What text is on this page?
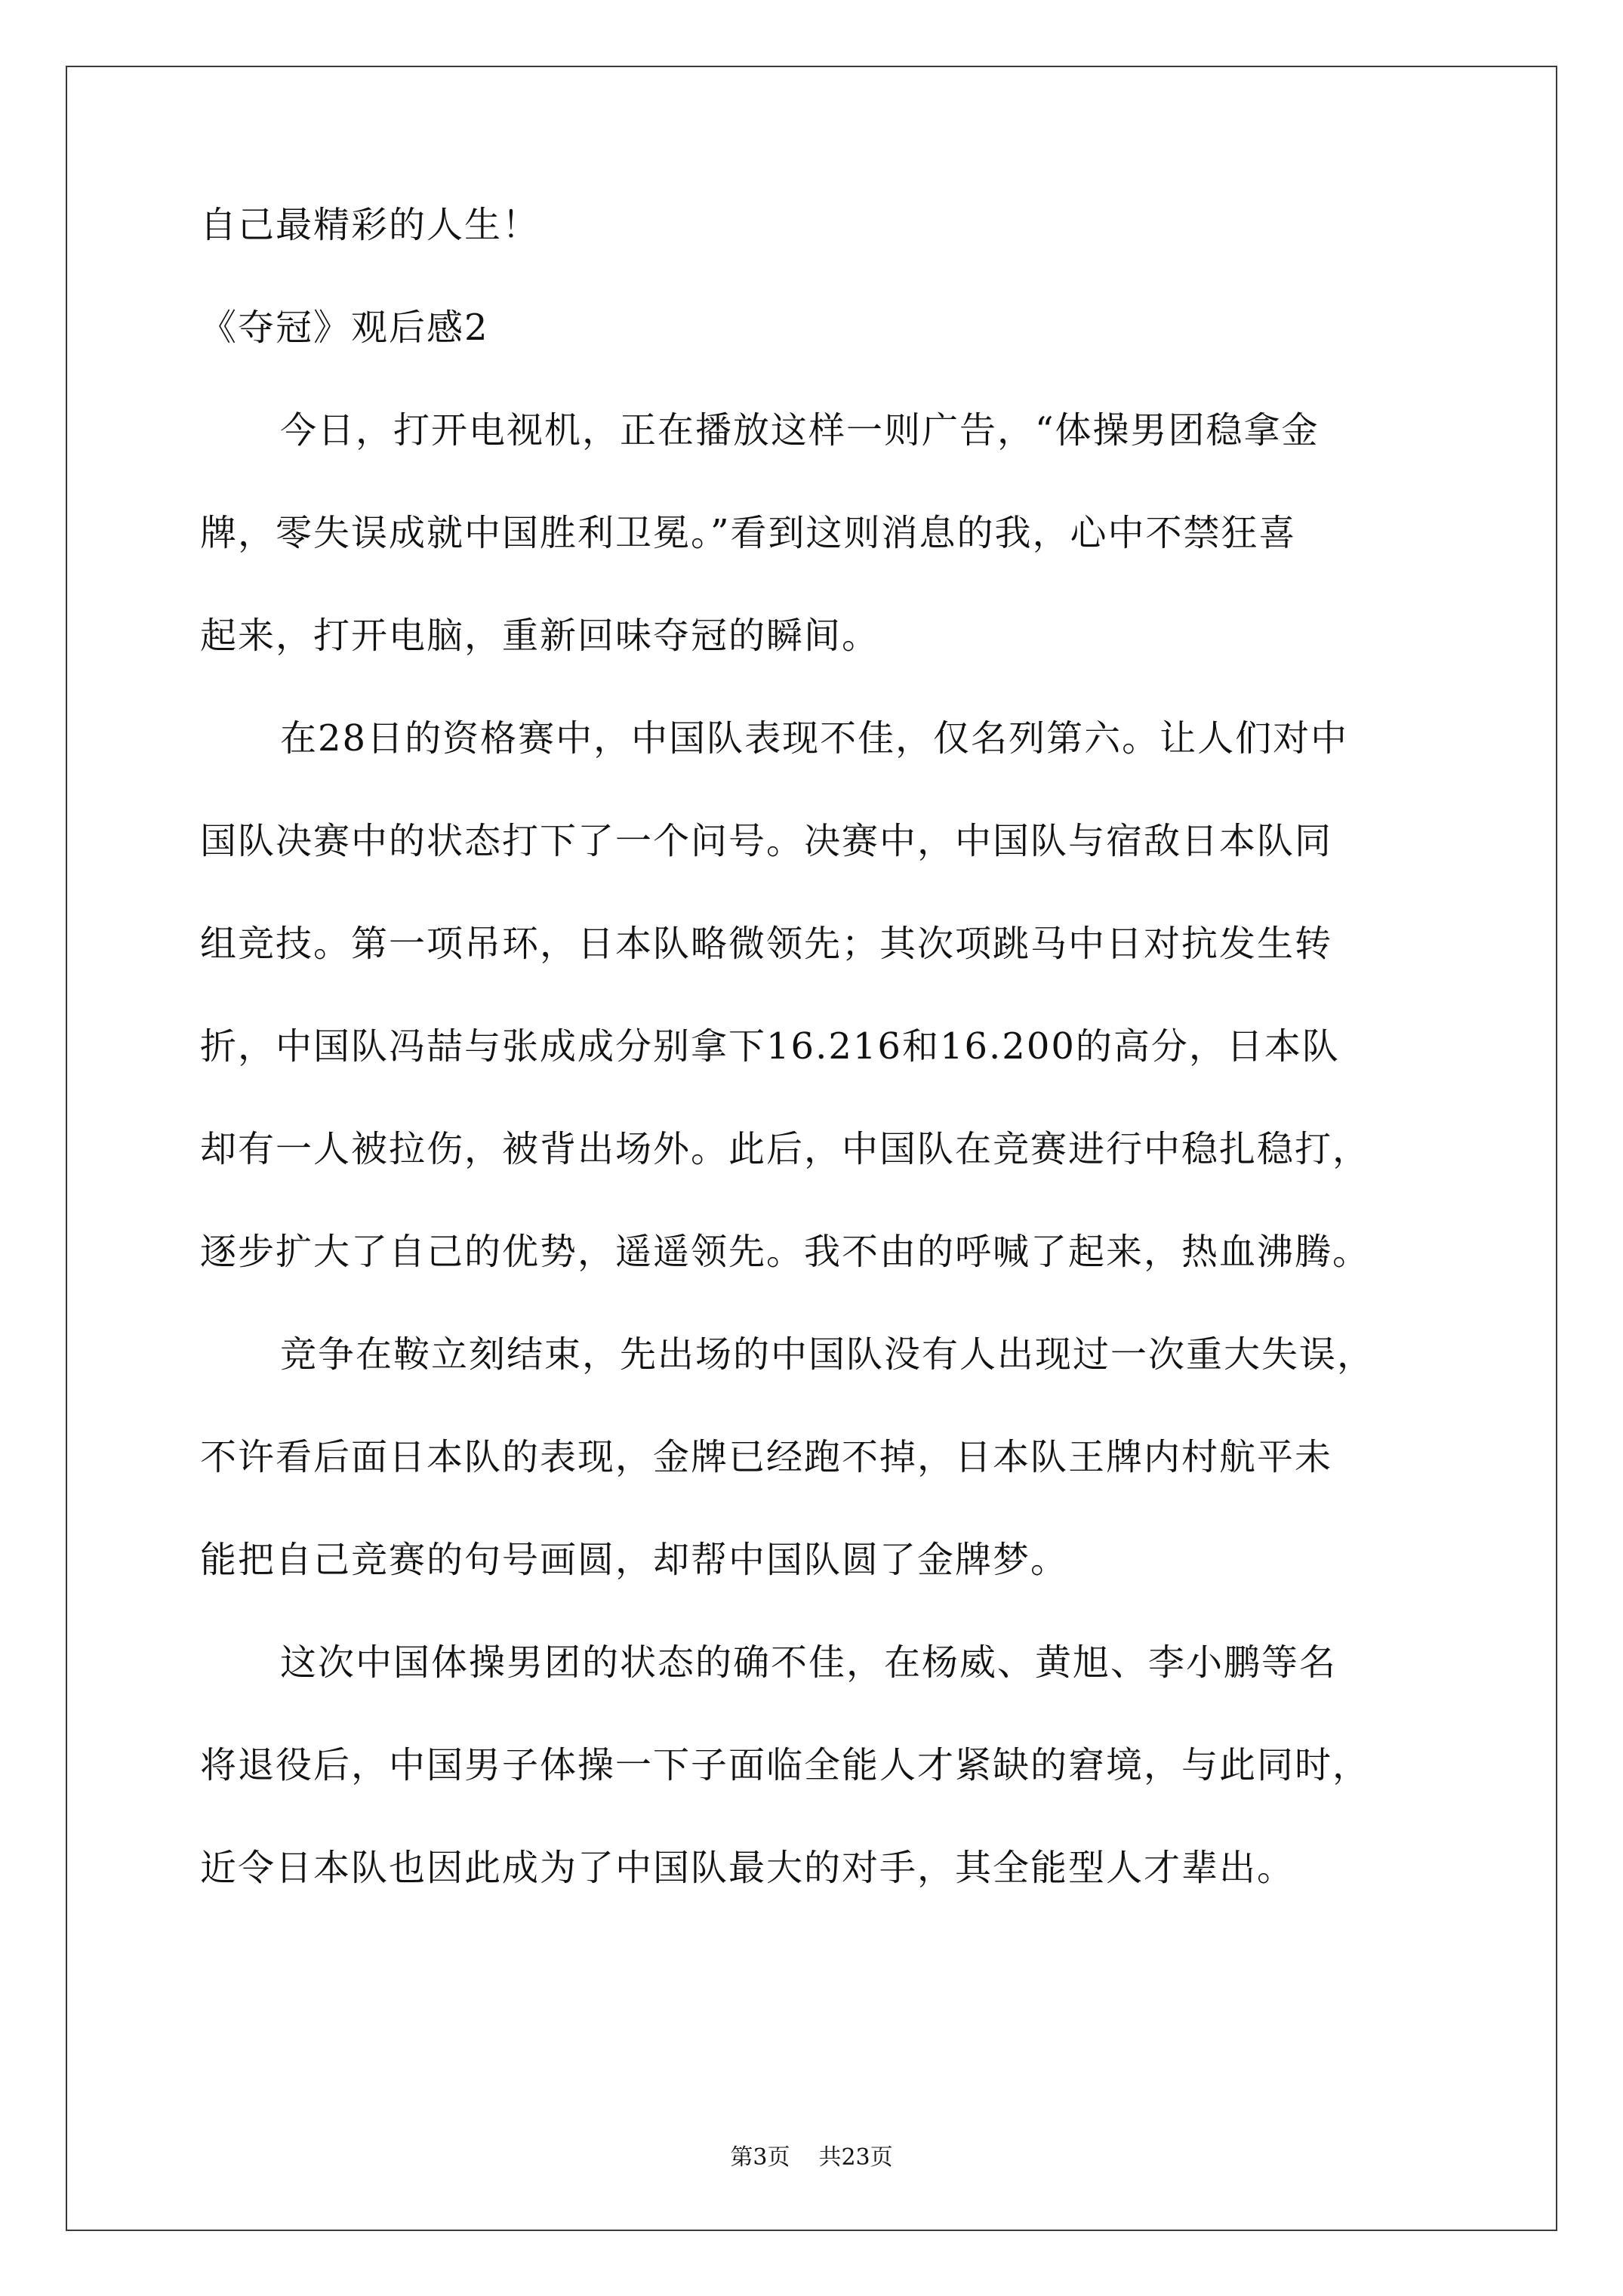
自己最精彩的人生！

《夺冠》观后感2

今日，打开电视机，正在播放这样一则广告，“体操男团稳拿金

牌，零失误成就中国胜利卫冕。”看到这则消息的我，心中不禁狂喜

起来，打开电脑，重新回味夺冠的瞬间。

在28日的资格赛中，中国队表现不佳，仅名列第六。让人们对中

国队决赛中的状态打下了一个问号。决赛中，中国队与宿敌日本队同

组竞技。第一项吊环，日本队略微领先；其次项跳马中日对抗发生转

折，中国队冯喆与张成成分别拿下16.216和16.200的高分，日本队

却有一人被拉伤，被背出场外。此后，中国队在竞赛进行中稳扎稳打，

逐步扩大了自己的优势，遥遥领先。我不由的呼喊了起来，热血沸腾。

竞争在鞍立刻结束，先出场的中国队没有人出现过一次重大失误，

不许看后面日本队的表现，金牌已经跑不掉，日本队王牌内村航平未

能把自己竞赛的句号画圆，却帮中国队圆了金牌梦。

这次中国体操男团的状态的确不佳，在杨威、黄旭、李小鹏等名

将退役后，中国男子体操一下子面临全能人才紧缺的窘境，与此同时，

近令日本队也因此成为了中国队最大的对手，其全能型人才辈出。

第3页 共23页
